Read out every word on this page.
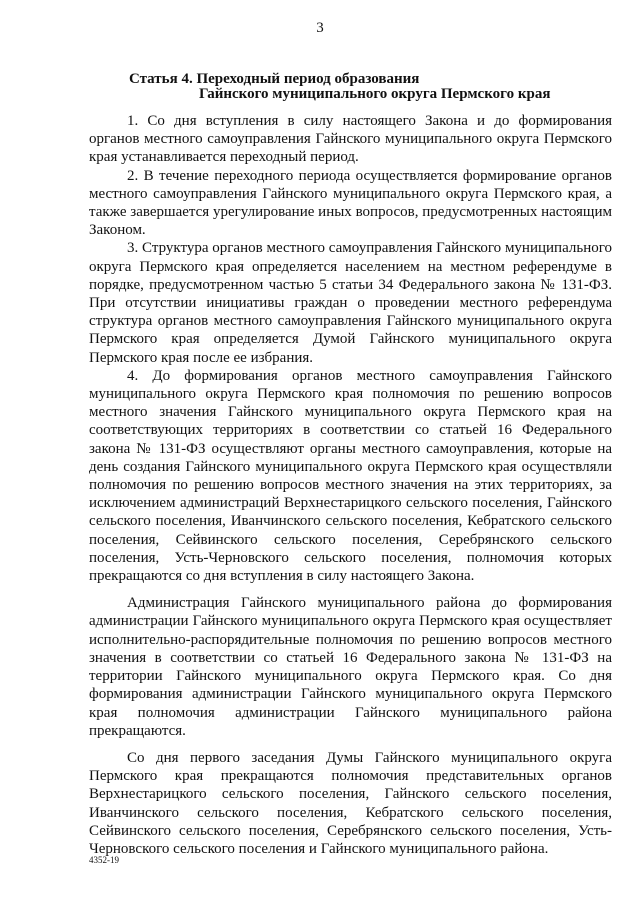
3
Статья 4. Переходный период образования
Гайнского муниципального округа Пермского края

1. Со дня вступления в силу настоящего Закона и до формирования органов местного самоуправления Гайнского муниципального округа Пермского края устанавливается переходный период.

2. В течение переходного периода осуществляется формирование органов местного самоуправления Гайнского муниципального округа Пермского края, а также завершается урегулирование иных вопросов, предусмотренных настоящим Законом.

3. Структура органов местного самоуправления Гайнского муниципального округа Пермского края определяется населением на местном референдуме в порядке, предусмотренном частью 5 статьи 34 Федерального закона № 131-ФЗ. При отсутствии инициативы граждан о проведении местного референдума структура органов местного самоуправления Гайнского муниципального округа Пермского края определяется Думой Гайнского муниципального округа Пермского края после ее избрания.

4. До формирования органов местного самоуправления Гайнского муниципального округа Пермского края полномочия по решению вопросов местного значения Гайнского муниципального округа Пермского края на соответствующих территориях в соответствии со статьей 16 Федерального закона № 131-ФЗ осуществляют органы местного самоуправления, которые на день создания Гайнского муниципального округа Пермского края осуществляли полномочия по решению вопросов местного значения на этих территориях, за исключением администраций Верхнестарицкого сельского поселения, Гайнского сельского поселения, Иванчинского сельского поселения, Кебратского сельского поселения, Сейвинского сельского поселения, Серебрянского сельского поселения, Усть-Черновского сельского поселения, полномочия которых прекращаются со дня вступления в силу настоящего Закона.

Администрация Гайнского муниципального района до формирования администрации Гайнского муниципального округа Пермского края осуществляет исполнительно-распорядительные полномочия по решению вопросов местного значения в соответствии со статьей 16 Федерального закона № 131-ФЗ на территории Гайнского муниципального округа Пермского края. Со дня формирования администрации Гайнского муниципального округа Пермского края полномочия администрации Гайнского муниципального района прекращаются.

Со дня первого заседания Думы Гайнского муниципального округа Пермского края прекращаются полномочия представительных органов Верхнестарицкого сельского поселения, Гайнского сельского поселения, Иванчинского сельского поселения, Кебратского сельского поселения, Сейвинского сельского поселения, Серебрянского сельского поселения, Усть-Черновского сельского поселения и Гайнского муниципального района.

4352-19
